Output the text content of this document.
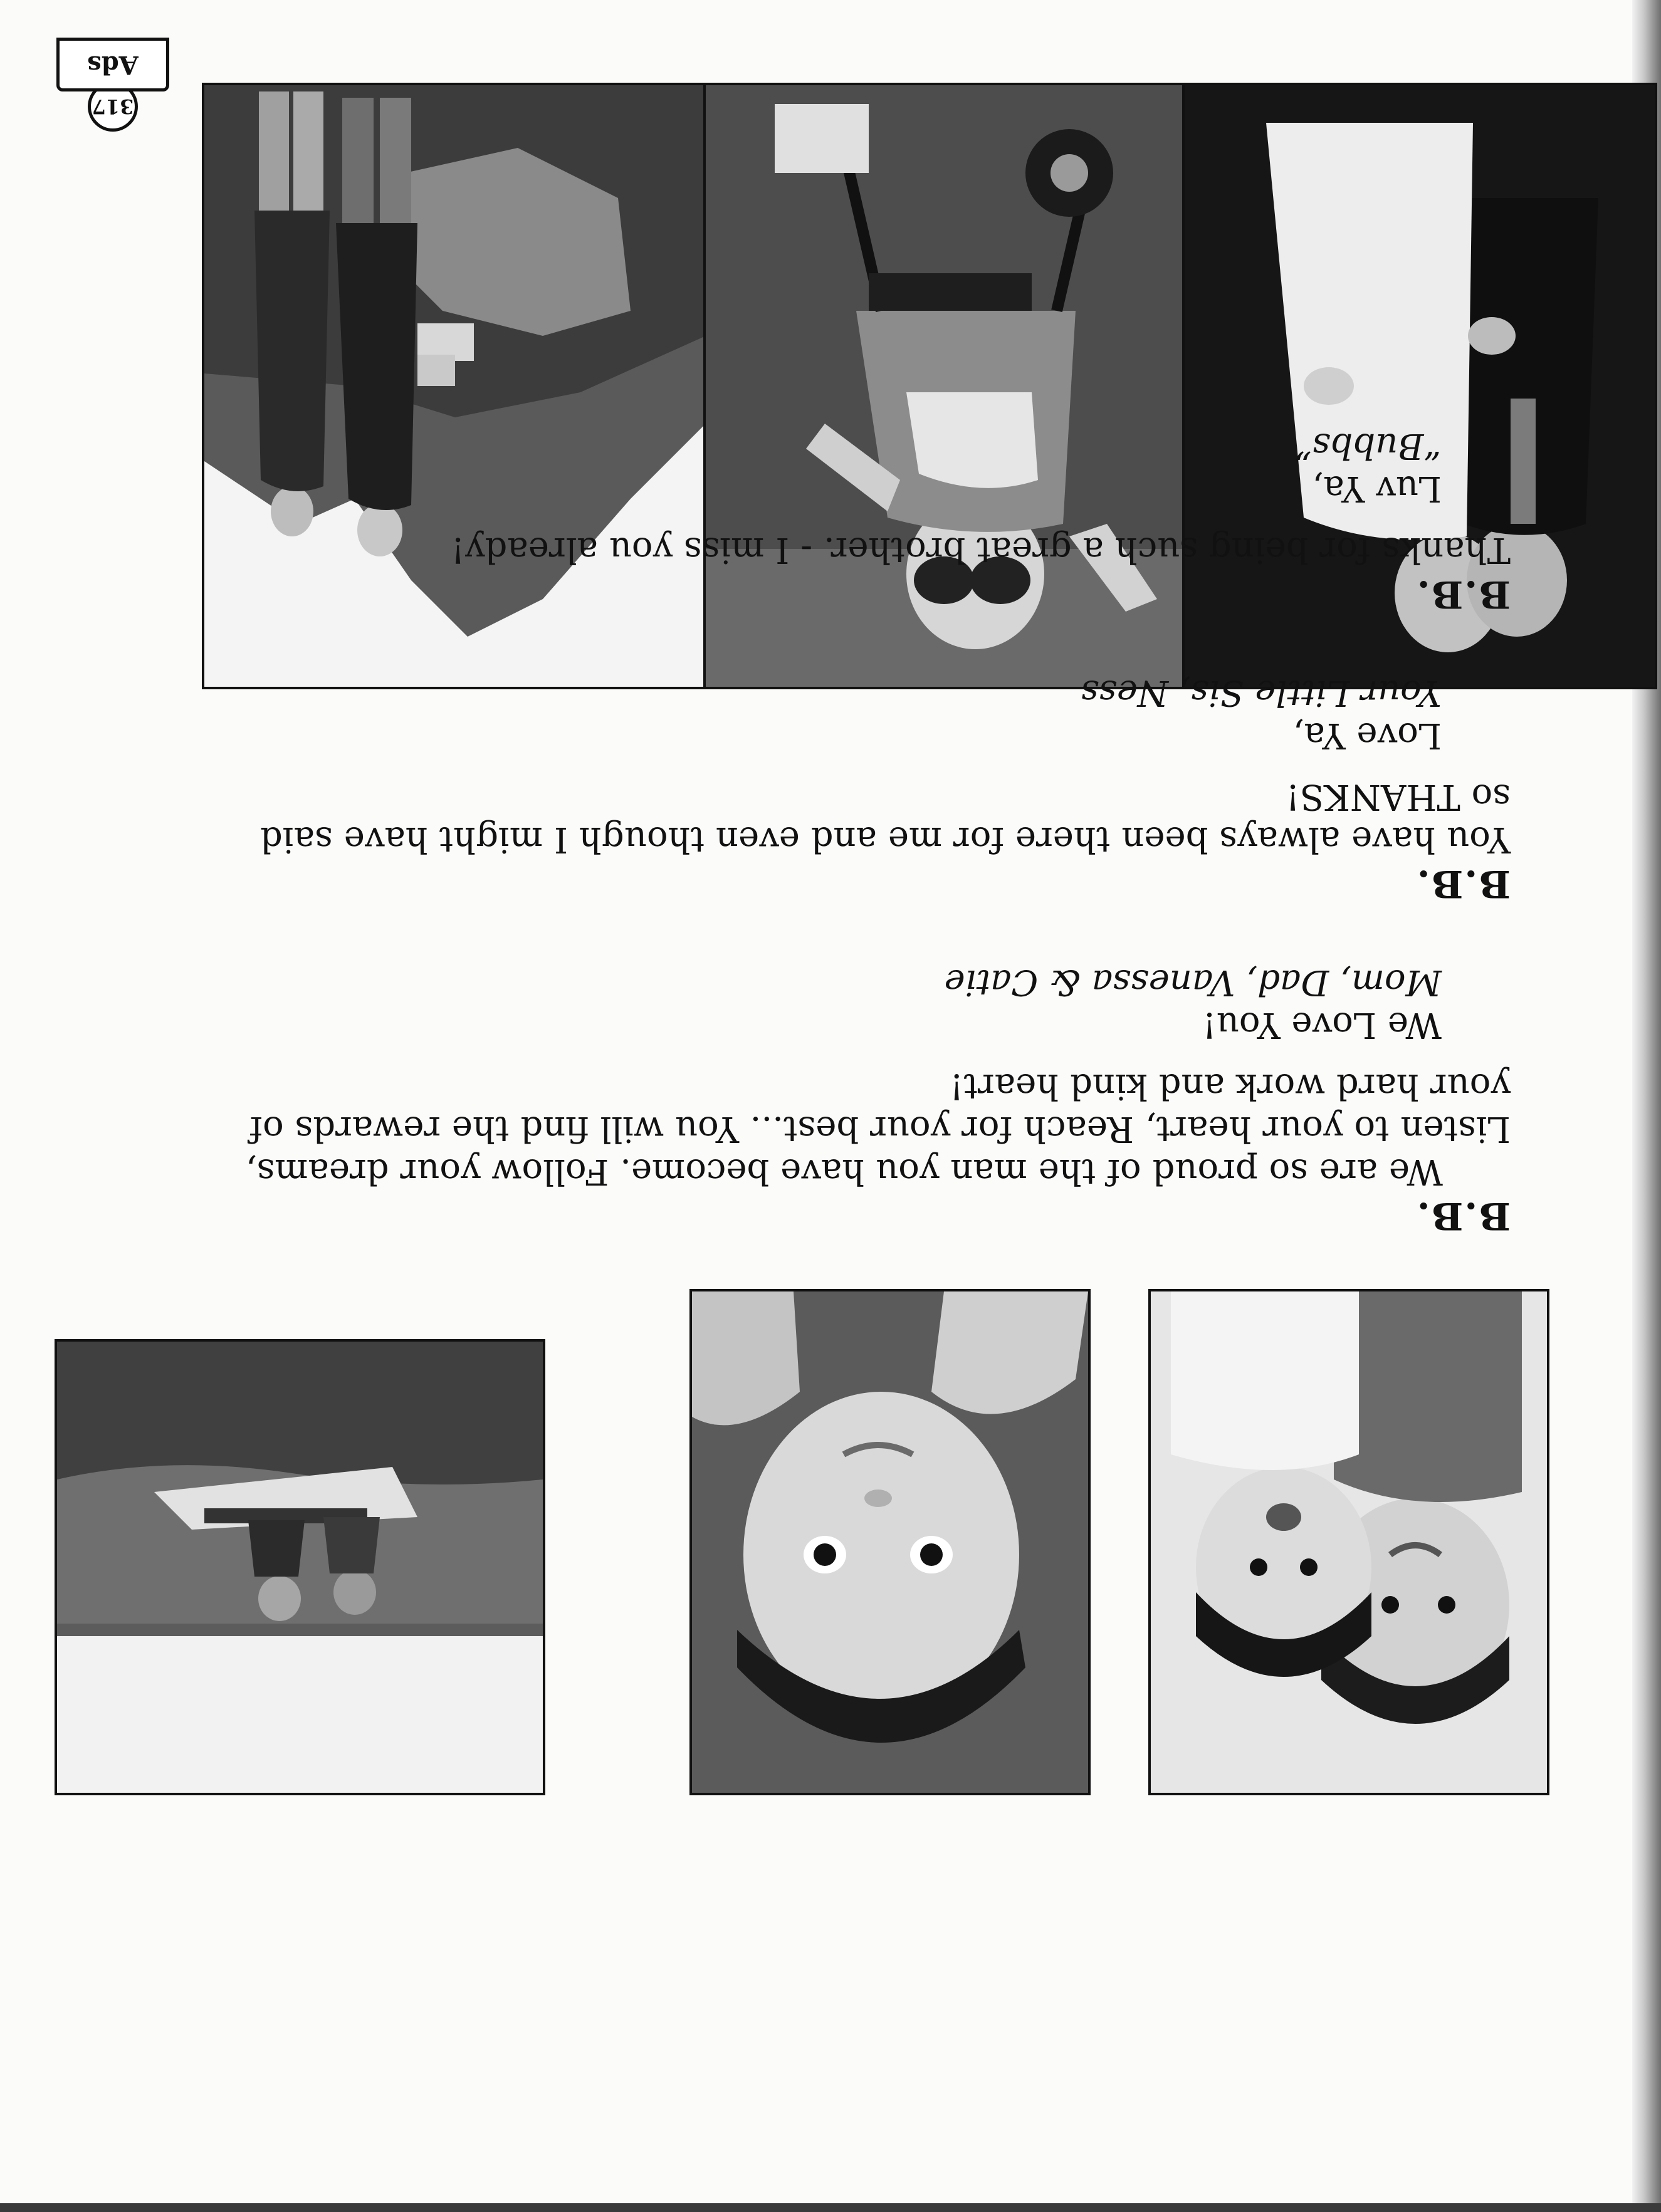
B.B.

We are so proud of the man you have become. Follow your dreams, Listen to your heart, Reach for your best... You will find the rewards of your hard work and kind heart!

We Love You!
Mom, Dad, Vanessa & Catie
B.B.

You have always been there for me and even though I might have said so THANKS!

Love Ya,
Your Little Sis, Ness
B.B.

Thanks for being such a great brother. - I miss you already!

Luv Ya,
“Bubbs”
317
Ads
